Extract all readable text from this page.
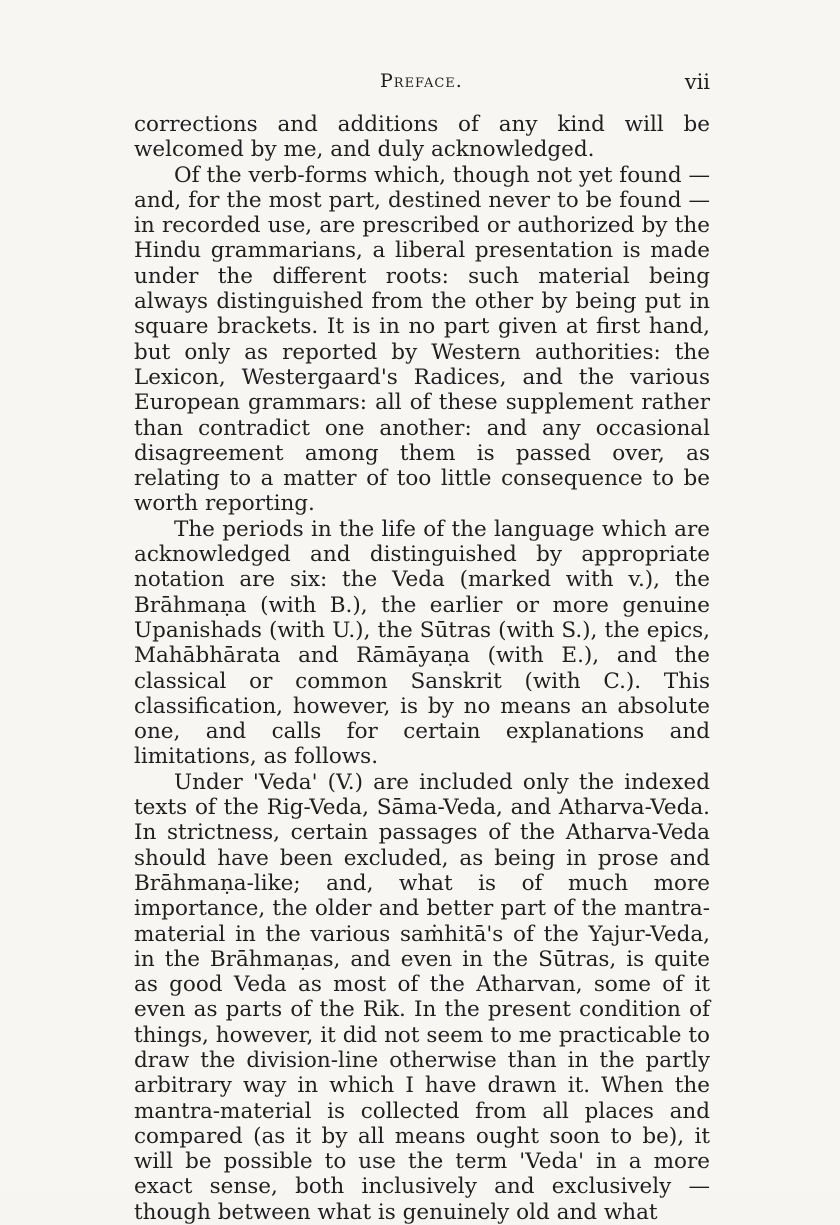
Preface.	vii

corrections and additions of any kind will be welcomed by me, and duly acknowledged.

Of the verb-forms which, though not yet found — and, for the most part, destined never to be found — in recorded use, are prescribed or authorized by the Hindu grammarians, a liberal presentation is made under the different roots: such material being always distinguished from the other by being put in square brackets. It is in no part given at first hand, but only as reported by Western authorities: the Lexicon, Westergaard's Radices, and the various European grammars: all of these supplement rather than contradict one another: and any occasional disagreement among them is passed over, as relating to a matter of too little consequence to be worth reporting.

The periods in the life of the language which are acknowledged and distinguished by appropriate notation are six: the Veda (marked with v.), the Brāhmaṇa (with B.), the earlier or more genuine Upanishads (with U.), the Sūtras (with S.), the epics, Mahābhārata and Rāmāyaṇa (with E.), and the classical or common Sanskrit (with C.). This classification, however, is by no means an absolute one, and calls for certain explanations and limitations, as follows.

Under 'Veda' (V.) are included only the indexed texts of the Rig-Veda, Sāma-Veda, and Atharva-Veda. In strictness, certain passages of the Atharva-Veda should have been excluded, as being in prose and Brāhmaṇa-like; and, what is of much more importance, the older and better part of the mantra-material in the various saṁhitā's of the Yajur-Veda, in the Brāhmaṇas, and even in the Sūtras, is quite as good Veda as most of the Atharvan, some of it even as parts of the Rik. In the present condition of things, however, it did not seem to me practicable to draw the division-line otherwise than in the partly arbitrary way in which I have drawn it. When the mantra-material is collected from all places and compared (as it by all means ought soon to be), it will be possible to use the term 'Veda' in a more exact sense, both inclusively and exclusively — though between what is genuinely old and what
